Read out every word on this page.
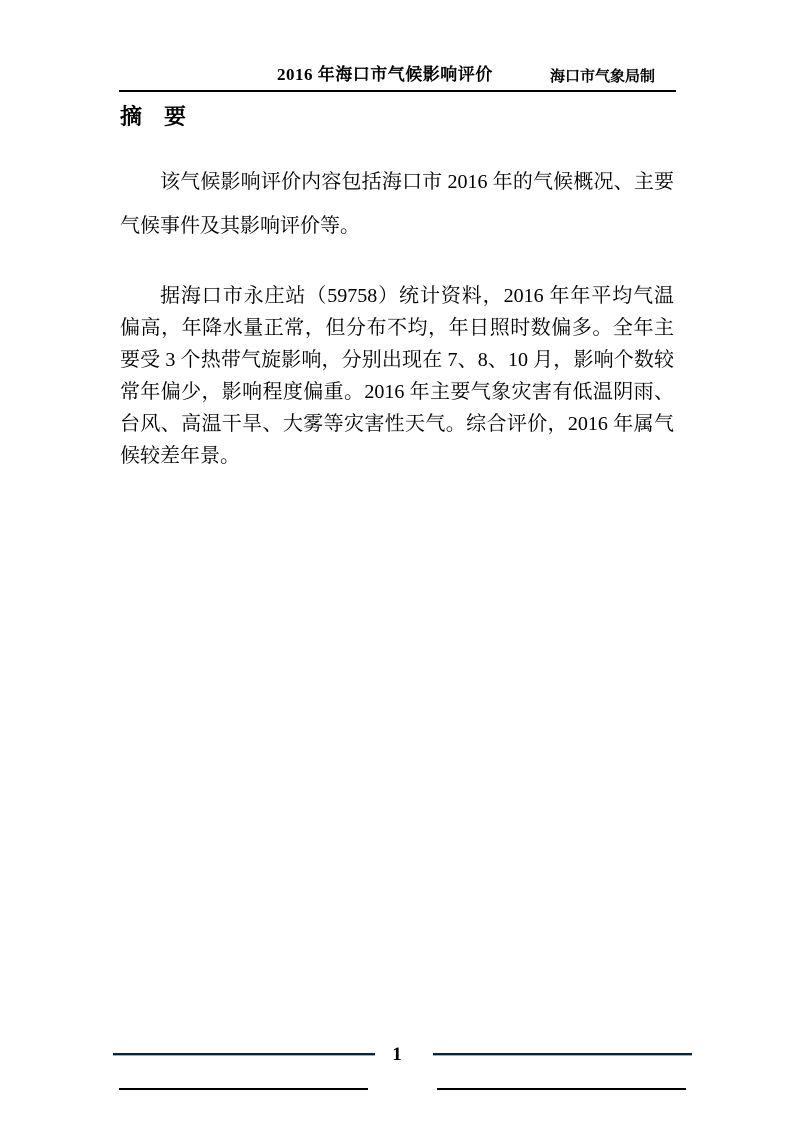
2016 年海口市气候影响评价	海口市气象局制
摘　要

该气候影响评价内容包括海口市 2016 年的气候概况、主要气候事件及其影响评价等。

据海口市永庄站（59758）统计资料，2016 年年平均气温偏高，年降水量正常，但分布不均，年日照时数偏多。全年主要受 3 个热带气旋影响，分别出现在 7、8、10 月，影响个数较常年偏少，影响程度偏重。2016 年主要气象灾害有低温阴雨、台风、高温干旱、大雾等灾害性天气。综合评价，2016 年属气候较差年景。

1
